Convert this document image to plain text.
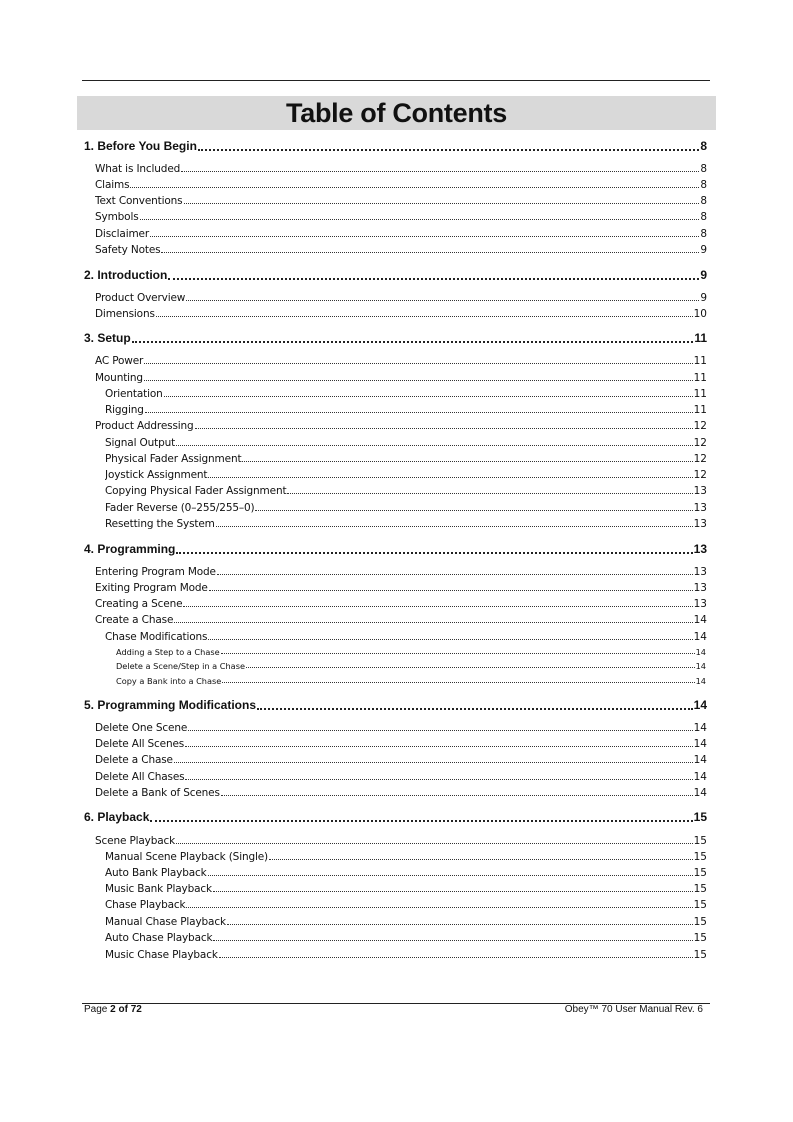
Table of Contents
1. Before You Begin	8
What is Included	8
Claims	8
Text Conventions	8
Symbols	8
Disclaimer	8
Safety Notes	9
2. Introduction	9
Product Overview	9
Dimensions	10
3. Setup	11
AC Power	11
Mounting	11
Orientation	11
Rigging	11
Product Addressing	12
Signal Output	12
Physical Fader Assignment	12
Joystick Assignment	12
Copying Physical Fader Assignment	13
Fader Reverse (0–255/255–0)	13
Resetting the System	13
4. Programming	13
Entering Program Mode	13
Exiting Program Mode	13
Creating a Scene	13
Create a Chase	14
Chase Modifications	14
Adding a Step to a Chase	14
Delete a Scene/Step in a Chase	14
Copy a Bank into a Chase	14
5. Programming Modifications	14
Delete One Scene	14
Delete All Scenes	14
Delete a Chase	14
Delete All Chases	14
Delete a Bank of Scenes	14
6. Playback	15
Scene Playback	15
Manual Scene Playback (Single)	15
Auto Bank Playback	15
Music Bank Playback	15
Chase Playback	15
Manual Chase Playback	15
Auto Chase Playback	15
Music Chase Playback	15
Page 2 of 72	Obey™ 70 User Manual Rev. 6
